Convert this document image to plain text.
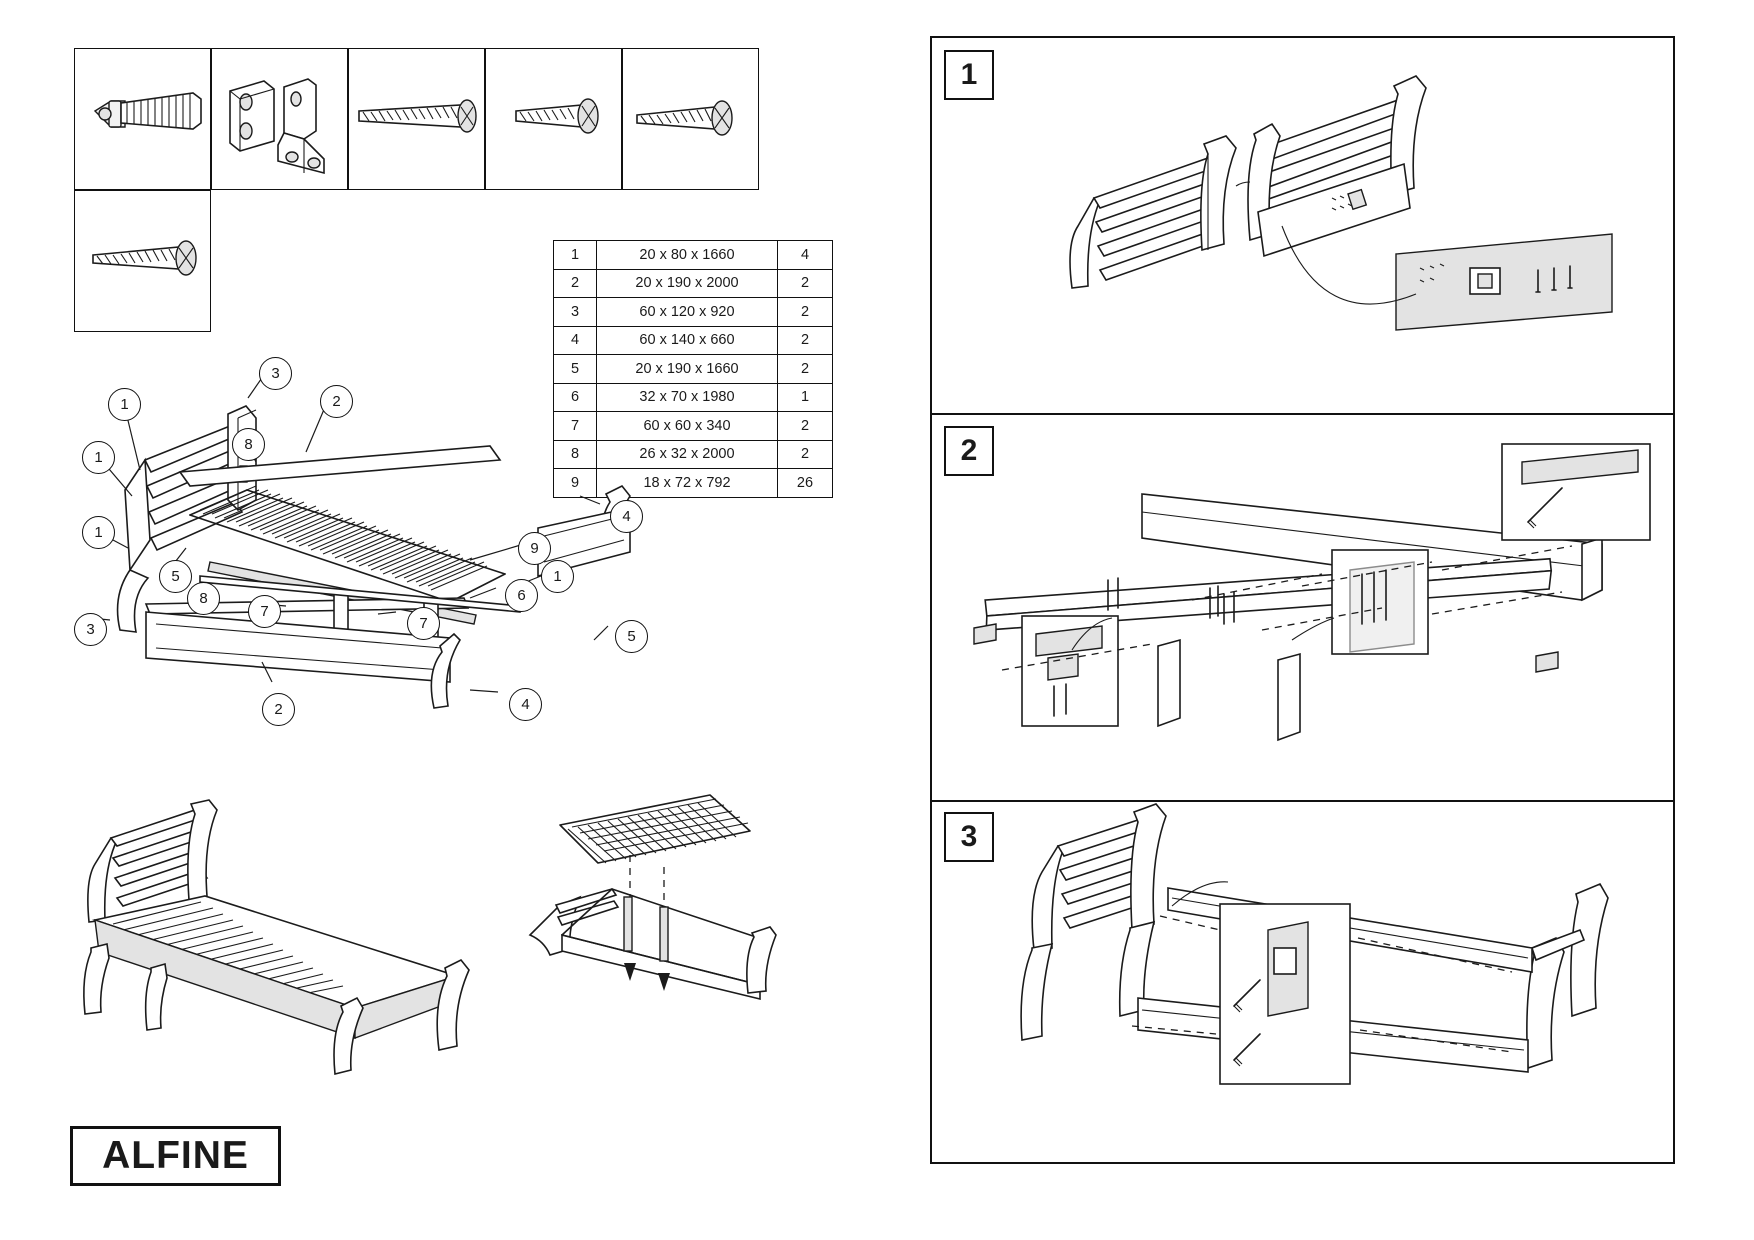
1	20 x 80 x 1660	4
2	20 x 190 x 2000	2
3	60 x 120 x 920	2
4	60 x 140 x 660	2
5	20 x 190 x 1660	2
6	32 x 70 x 1980	1
7	60 x 60 x 340	2
8	26 x 32 x 2000	2
9	18 x 72 x 792	26
1
1
1
3
8
2
4
9
1
5
8
7
7
6
5
3
2	4
ALFINE
1
2
3
